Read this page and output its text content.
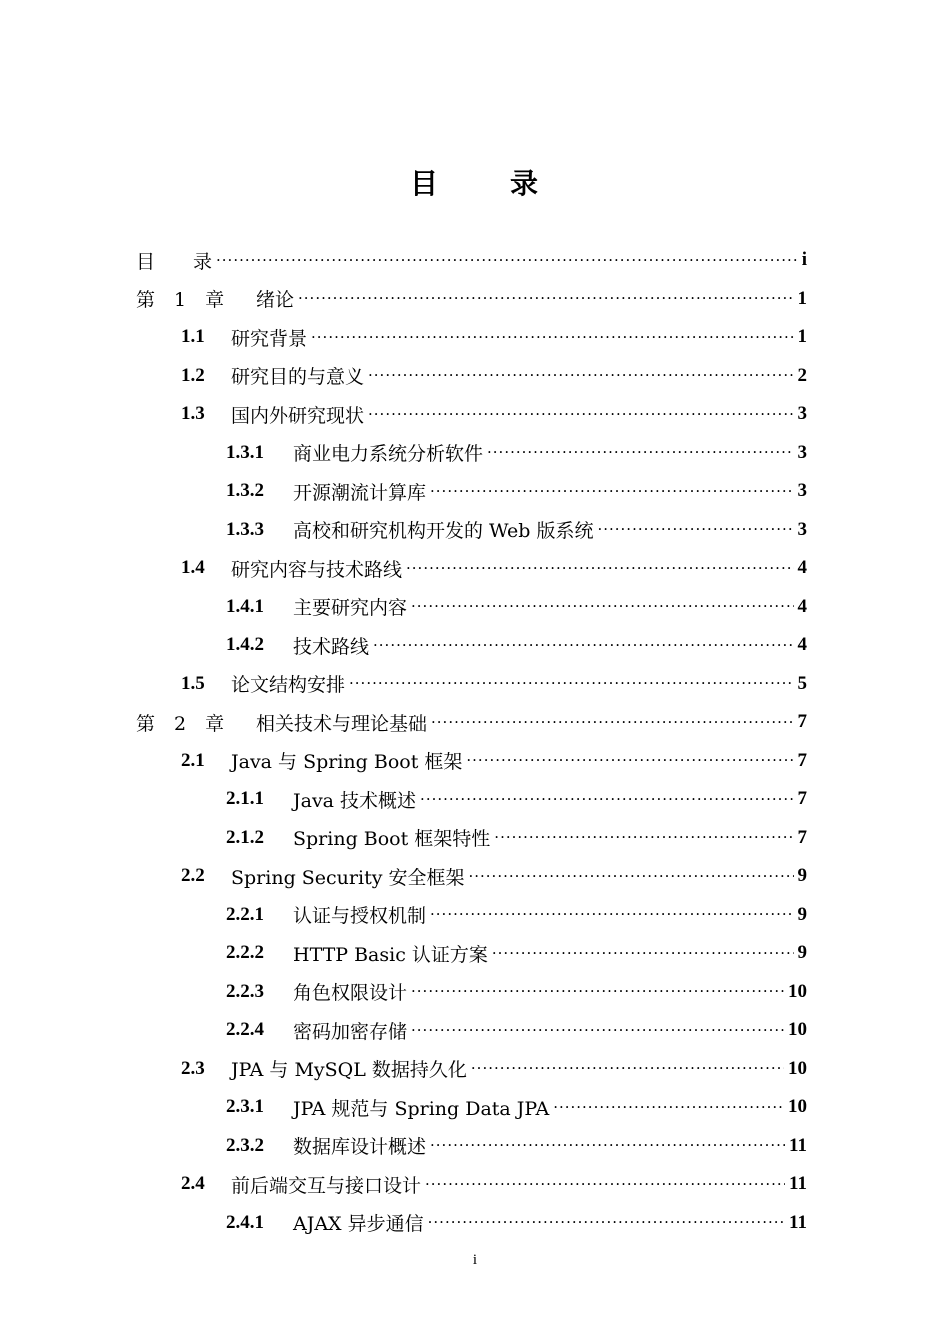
目	录
目　　录 ·····	i
第　1　章	绪论 ·····	1
1.1	研究背景 ·····	1
1.2	研究目的与意义 ·····	2
1.3	国内外研究现状 ·····	3
1.3.1	商业电力系统分析软件 ·····	3
1.3.2	开源潮流计算库 ·····	3
1.3.3	高校和研究机构开发的 Web 版系统 ·····	3
1.4	研究内容与技术路线 ·····	4
1.4.1	主要研究内容 ·····	4
1.4.2	技术路线 ·····	4
1.5	论文结构安排 ·····	5
第　2　章	相关技术与理论基础 ·····	7
2.1	Java 与 Spring Boot 框架 ·····	7
2.1.1	Java 技术概述 ·····	7
2.1.2	Spring Boot 框架特性 ·····	7
2.2	Spring Security 安全框架 ·····	9
2.2.1	认证与授权机制 ·····	9
2.2.2	HTTP Basic 认证方案 ·····	9
2.2.3	角色权限设计 ·····	10
2.2.4	密码加密存储 ·····	10
2.3	JPA 与 MySQL 数据持久化 ·····	10
2.3.1	JPA 规范与 Spring Data JPA ·····	10
2.3.2	数据库设计概述 ·····	11
2.4	前后端交互与接口设计 ·····	11
2.4.1	AJAX 异步通信 ·····	11
i
